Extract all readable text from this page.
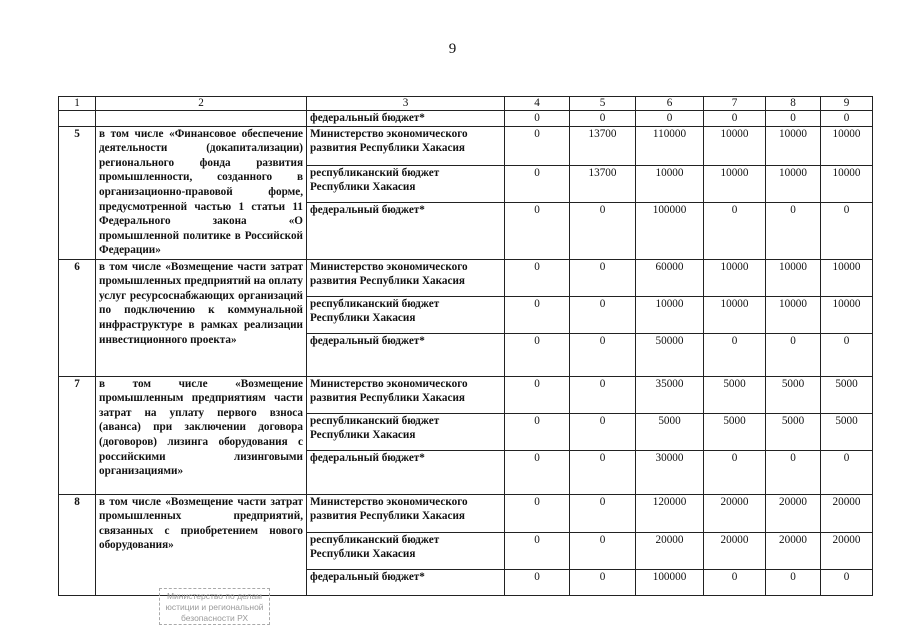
9
1	2	3	4	5	6	7	8	9
		федеральный бюджет*	0	0	0	0	0	0
5	в том числе «Финансовое обеспечение деятельности (докапитализации) регионального фонда развития промышленности, созданного в организационно-правовой форме, предусмотренной частью 1 статьи 11 Федерального закона «О промышленной политике в Российской Федерации»	Министерство экономического развития Республики Хакасия	0	13700	110000	10000	10000	10000
		республиканский бюджет Республики Хакасия	0	13700	10000	10000	10000	10000
		федеральный бюджет*	0	0	100000	0	0	0
6	в том числе «Возмещение части затрат промышленных предприятий на оплату услуг ресурсоснабжающих организаций по подключению к коммунальной инфраструктуре в рамках реализации инвестиционного проекта»	Министерство экономического развития Республики Хакасия	0	0	60000	10000	10000	10000
		республиканский бюджет Республики Хакасия	0	0	10000	10000	10000	10000
		федеральный бюджет*	0	0	50000	0	0	0
7	в том числе «Возмещение промышленным предприятиям части затрат на уплату первого взноса (аванса) при заключении договора (договоров) лизинга оборудования с российскими лизинговыми организациями»	Министерство экономического развития Республики Хакасия	0	0	35000	5000	5000	5000
		республиканский бюджет Республики Хакасия	0	0	5000	5000	5000	5000
		федеральный бюджет*	0	0	30000	0	0	0
8	в том числе «Возмещение части затрат промышленных предприятий, связанных с приобретением нового оборудования»	Министерство экономического развития Республики Хакасия	0	0	120000	20000	20000	20000
		республиканский бюджет Республики Хакасия	0	0	20000	20000	20000	20000
		федеральный бюджет*	0	0	100000	0	0	0
Министерство по делам
юстиции и региональной
безопасности РХ
